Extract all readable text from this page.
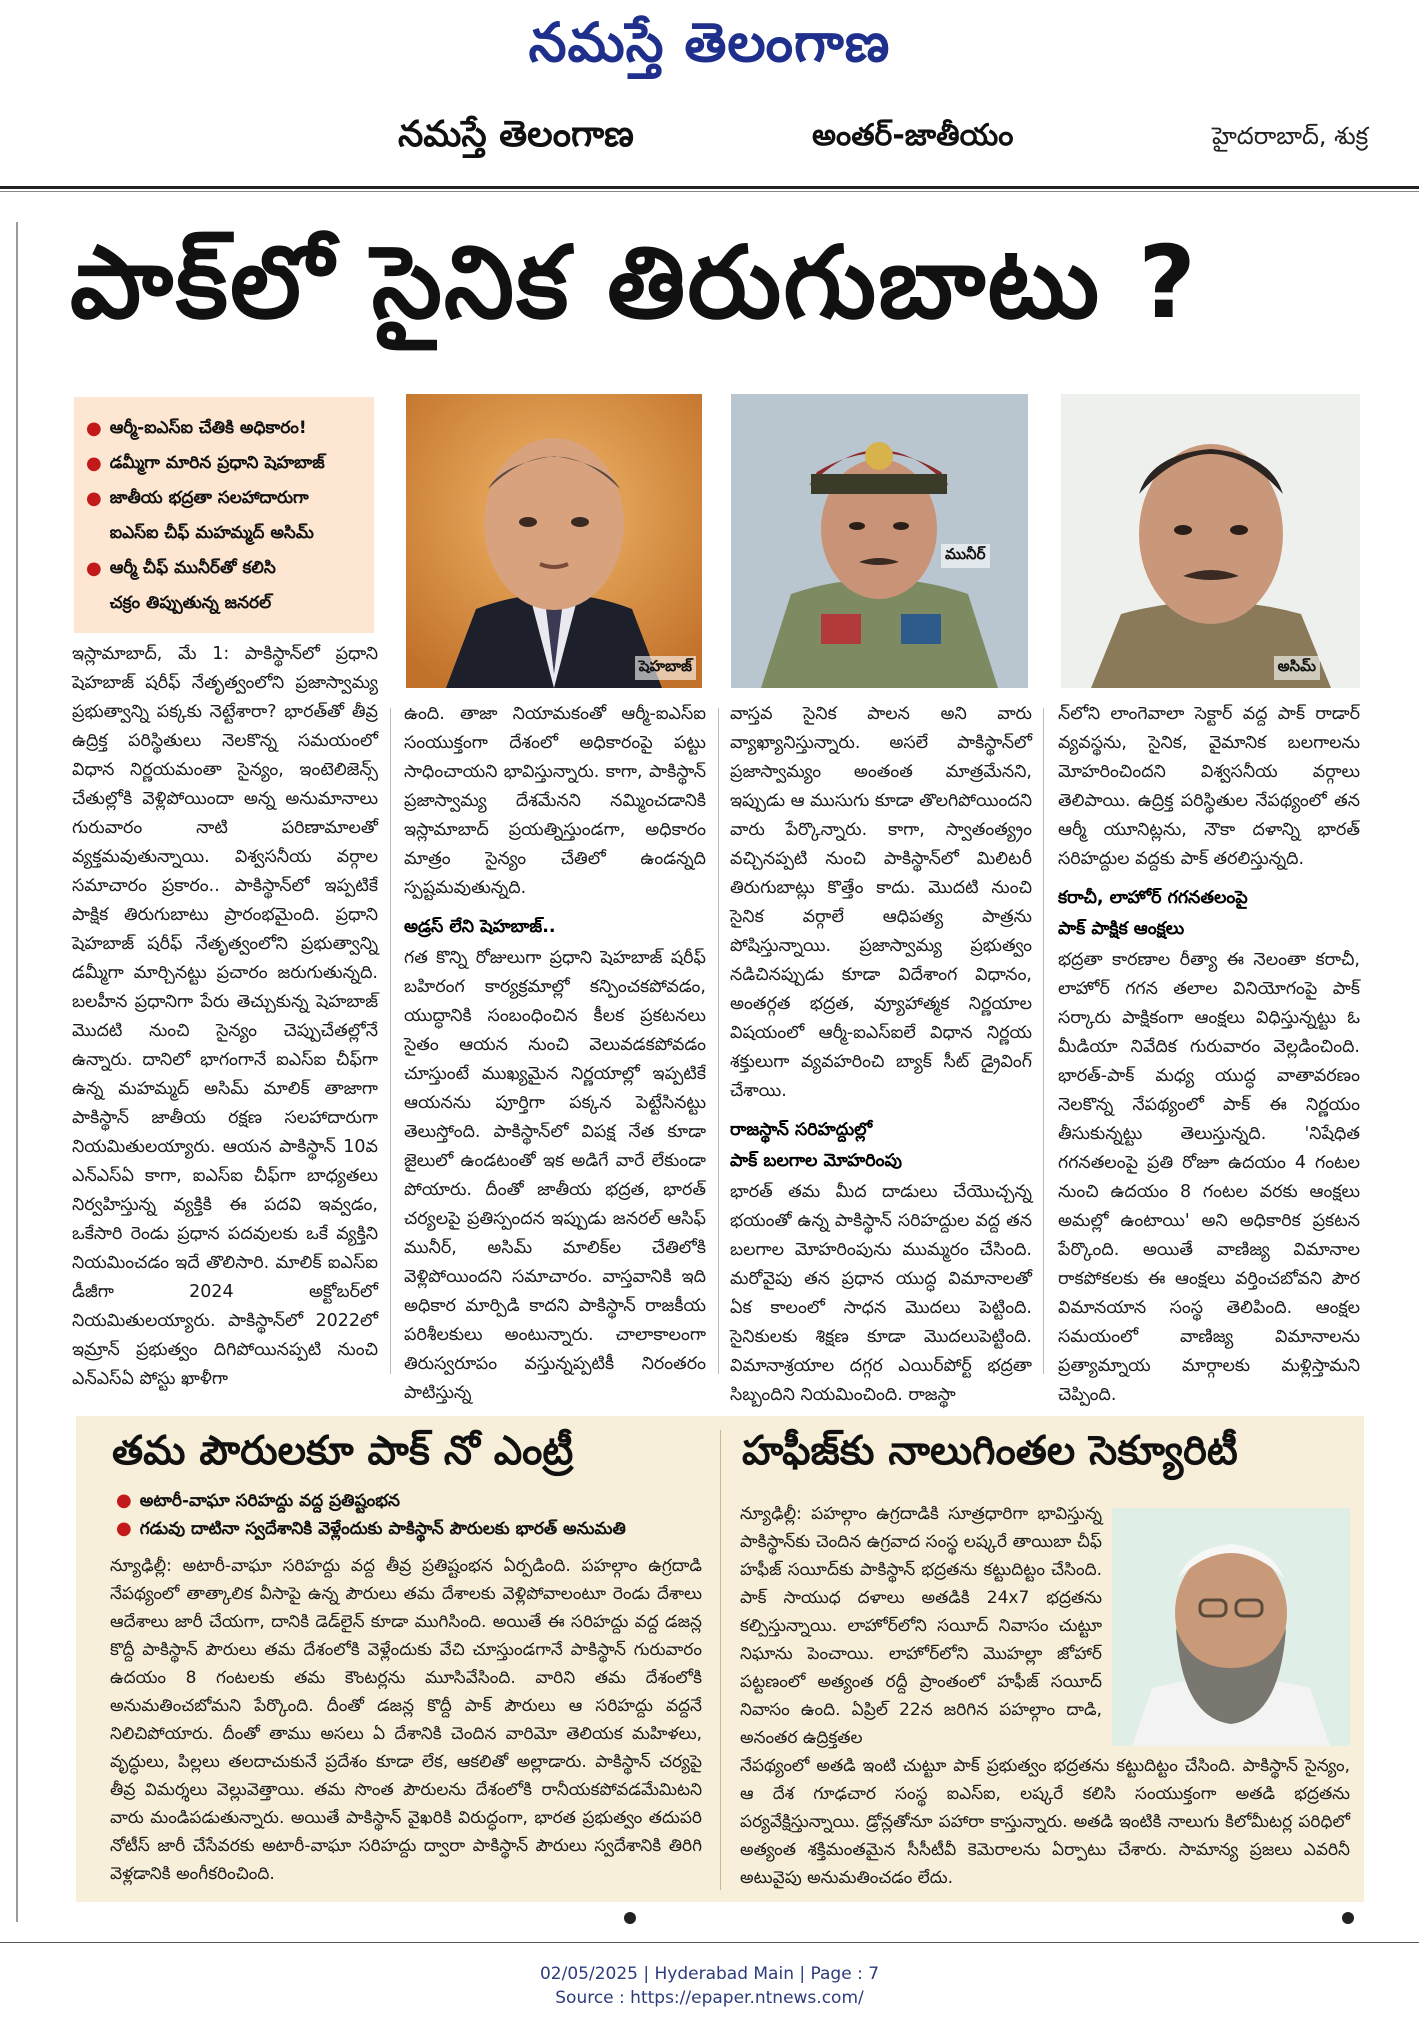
నమస్తే తెలంగాణ
నమస్తే తెలంగాణ	అంతర్-జాతీయం	హైదరాబాద్, శుక్ర
పాక్‌లో సైనిక తిరుగుబాటు ?
● ఆర్మీ-ఐఎస్ఐ చేతికి అధికారం!
● డమ్మీగా మారిన ప్రధాని షెహబాజ్
● జాతీయ భద్రతా సలహాదారుగా
ఐఎస్ఐ చీఫ్ మహమ్మద్ అసిమ్
● ఆర్మీ చీఫ్ మునీర్‌తో కలిసి
చక్రం తిప్పుతున్న జనరల్
షెహబాజ్
మునీర్
అసిమ్

ఇస్లామాబాద్, మే 1: పాకిస్థాన్‌లో ప్రధాని షెహబాజ్ షరీఫ్ నేతృత్వంలోని ప్రజాస్వామ్య ప్రభుత్వాన్ని పక్కకు నెట్టేశారా? భారత్‌తో తీవ్ర ఉద్రిక్త పరిస్థితులు నెలకొన్న సమయంలో విధాన నిర్ణయమంతా సైన్యం, ఇంటెలిజెన్స్ చేతుల్లోకి వెళ్లిపోయిందా అన్న అనుమానాలు గురువారం నాటి పరిణామాలతో వ్యక్తమవుతున్నాయి. విశ్వసనీయ వర్గాల సమాచారం ప్రకారం.. పాకిస్థాన్‌లో ఇప్పటికే పాక్షిక తిరుగుబాటు ప్రారంభమైంది. ప్రధాని షెహబాజ్ షరీఫ్ నేతృత్వంలోని ప్రభుత్వాన్ని డమ్మీగా మార్చినట్టు ప్రచారం జరుగుతున్నది. బలహీన ప్రధానిగా పేరు తెచ్చుకున్న షెహబాజ్ మొదటి నుంచి సైన్యం చెప్పుచేతల్లోనే ఉన్నారు. దానిలో భాగంగానే ఐఎస్ఐ చీఫ్‌గా ఉన్న మహమ్మద్ అసిమ్ మాలిక్ తాజాగా పాకిస్థాన్ జాతీయ రక్షణ సలహాదారుగా నియమితులయ్యారు. ఆయన పాకిస్థాన్ 10వ ఎన్ఎస్ఏ కాగా, ఐఎస్ఐ చీఫ్‌గా బాధ్యతలు నిర్వహిస్తున్న వ్యక్తికి ఈ పదవి ఇవ్వడం, ఒకేసారి రెండు ప్రధాన పదవులకు ఒకే వ్యక్తిని నియమించడం ఇదే తొలిసారి. మాలిక్ ఐఎస్ఐ డీజీగా 2024 అక్టోబర్‌లో నియమితులయ్యారు. పాకిస్థాన్‌లో 2022లో ఇమ్రాన్ ప్రభుత్వం దిగిపోయినప్పటి నుంచి ఎన్ఎస్ఏ పోస్టు ఖాళీగా

ఉంది. తాజా నియామకంతో ఆర్మీ-ఐఎస్ఐ సంయుక్తంగా దేశంలో అధికారంపై పట్టు సాధించాయని భావిస్తున్నారు. కాగా, పాకిస్థాన్ ప్రజాస్వామ్య దేశమేనని నమ్మించడానికి ఇస్లామాబాద్ ప్రయత్నిస్తుండగా, అధికారం మాత్రం సైన్యం చేతిలో ఉండన్నది స్పష్టమవుతున్నది.

అడ్రస్ లేని షెహబాజ్..

గత కొన్ని రోజులుగా ప్రధాని షెహబాజ్ షరీఫ్ బహిరంగ కార్యక్రమాల్లో కన్పించకపోవడం, యుద్ధానికి సంబంధించిన కీలక ప్రకటనలు సైతం ఆయన నుంచి వెలువడకపోవడం చూస్తుంటే ముఖ్యమైన నిర్ణయాల్లో ఇప్పటికే ఆయనను పూర్తిగా పక్కన పెట్టేసినట్టు తెలుస్తోంది. పాకిస్థాన్‌లో విపక్ష నేత కూడా జైలులో ఉండటంతో ఇక అడిగే వారే లేకుండా పోయారు. దీంతో జాతీయ భద్రత, భారత్ చర్యలపై ప్రతిస్పందన ఇప్పుడు జనరల్ ఆసిఫ్ మునీర్, అసిమ్ మాలిక్‌ల చేతిలోకి వెళ్లిపోయిందని సమాచారం. వాస్తవానికి ఇది అధికార మార్పిడి కాదని పాకిస్థాన్ రాజకీయ పరిశీలకులు అంటున్నారు. చాలాకాలంగా తిరుస్వరూపం వస్తున్నప్పటికీ నిరంతరం పాటిస్తున్న

వాస్తవ సైనిక పాలన అని వారు వ్యాఖ్యానిస్తున్నారు. అసలే పాకిస్థాన్‌లో ప్రజాస్వామ్యం అంతంత మాత్రమేనని, ఇప్పుడు ఆ ముసుగు కూడా తొలగిపోయిందని వారు పేర్కొన్నారు. కాగా, స్వాతంత్య్రం వచ్చినప్పటి నుంచి పాకిస్థాన్‌లో మిలిటరీ తిరుగుబాట్లు కొత్తేం కాదు. మొదటి నుంచి సైనిక వర్గాలే ఆధిపత్య పాత్రను పోషిస్తున్నాయి. ప్రజాస్వామ్య ప్రభుత్వం నడిచినప్పుడు కూడా విదేశాంగ విధానం, అంతర్గత భద్రత, వ్యూహాత్మక నిర్ణయాల విషయంలో ఆర్మీ-ఐఎస్ఐలే విధాన నిర్ణయ శక్తులుగా వ్యవహరించి బ్యాక్ సీట్ డ్రైవింగ్ చేశాయి.

రాజస్థాన్ సరిహద్దుల్లో
పాక్ బలగాల మోహరింపు

భారత్ తమ మీద దాడులు చేయొచ్చన్న భయంతో ఉన్న పాకిస్థాన్ సరిహద్దుల వద్ద తన బలగాల మోహరింపును ముమ్మరం చేసింది. మరోవైపు తన ప్రధాన యుద్ధ విమానాలతో ఏక కాలంలో సాధన మొదలు పెట్టింది. సైనికులకు శిక్షణ కూడా మొదలుపెట్టింది. విమానాశ్రయాల దగ్గర ఎయిర్‌పోర్ట్ భద్రతా సిబ్బందిని నియమించింది. రాజస్థా

న్‌లోని లాంగెవాలా సెక్టార్ వద్ద పాక్ రాడార్ వ్యవస్థను, సైనిక, వైమానిక బలగాలను మోహరించిందని విశ్వసనీయ వర్గాలు తెలిపాయి. ఉద్రిక్త పరిస్థితుల నేపథ్యంలో తన ఆర్మీ యూనిట్లను, నౌకా దళాన్ని భారత్ సరిహద్దుల వద్దకు పాక్ తరలిస్తున్నది.

కరాచీ, లాహోర్ గగనతలంపై
పాక్ పాక్షిక ఆంక్షలు

భద్రతా కారణాల రీత్యా ఈ నెలంతా కరాచీ, లాహోర్ గగన తలాల వినియోగంపై పాక్ సర్కారు పాక్షికంగా ఆంక్షలు విధిస్తున్నట్టు ఓ మీడియా నివేదిక గురువారం వెల్లడించింది. భారత్-పాక్ మధ్య యుద్ధ వాతావరణం నెలకొన్న నేపథ్యంలో పాక్ ఈ నిర్ణయం తీసుకున్నట్టు తెలుస్తున్నది. 'నిషేధిత గగనతలంపై ప్రతి రోజూ ఉదయం 4 గంటల నుంచి ఉదయం 8 గంటల వరకు ఆంక్షలు అమల్లో ఉంటాయి' అని అధికారిక ప్రకటన పేర్కొంది. అయితే వాణిజ్య విమానాల రాకపోకలకు ఈ ఆంక్షలు వర్తించబోవని పౌర విమానయాన సంస్థ తెలిపింది. ఆంక్షల సమయంలో వాణిజ్య విమానాలను ప్రత్యామ్నాయ మార్గాలకు మళ్లిస్తామని చెప్పింది.

తమ పౌరులకూ పాక్ నో ఎంట్రీ
● అటారీ-వాఘా సరిహద్దు వద్ద ప్రతిష్టంభన
● గడువు దాటినా స్వదేశానికి వెళ్లేందుకు పాకిస్థాన్ పౌరులకు భారత్ అనుమతి
న్యూఢిల్లీ: అటారీ-వాఘా సరిహద్దు వద్ద తీవ్ర ప్రతిష్టంభన ఏర్పడింది. పహల్గాం ఉగ్రదాడి నేపథ్యంలో తాత్కాలిక వీసాపై ఉన్న పౌరులు తమ దేశాలకు వెళ్లిపోవాలంటూ రెండు దేశాలు ఆదేశాలు జారీ చేయగా, దానికి డెడ్‌లైన్ కూడా ముగిసింది. అయితే ఈ సరిహద్దు వద్ద డజన్ల కొద్దీ పాకిస్థాన్ పౌరులు తమ దేశంలోకి వెళ్లేందుకు వేచి చూస్తుండగానే పాకిస్థాన్ గురువారం ఉదయం 8 గంటలకు తమ కౌంటర్లను మూసివేసింది. వారిని తమ దేశంలోకి అనుమతించబోమని పేర్కొంది. దీంతో డజన్ల కొద్దీ పాక్ పౌరులు ఆ సరిహద్దు వద్దనే నిలిచిపోయారు. దీంతో తాము అసలు ఏ దేశానికి చెందిన వారిమో తెలియక మహిళలు, వృద్ధులు, పిల్లలు తలదాచుకునే ప్రదేశం కూడా లేక, ఆకలితో అల్లాడారు. పాకిస్థాన్ చర్యపై తీవ్ర విమర్శలు వెల్లువెత్తాయి. తమ సొంత పౌరులను దేశంలోకి రానీయకపోవడమేమిటని వారు మండిపడుతున్నారు. అయితే పాకిస్థాన్ వైఖరికి విరుద్ధంగా, భారత ప్రభుత్వం తదుపరి నోటీస్ జారీ చేసేవరకు అటారీ-వాఘా సరిహద్దు ద్వారా పాకిస్థాన్ పౌరులు స్వదేశానికి తిరిగి వెళ్లడానికి అంగీకరించింది.
హఫీజ్‌కు నాలుగింతల సెక్యూరిటీ
న్యూఢిల్లీ: పహల్గాం ఉగ్రదాడికి సూత్రధారిగా భావిస్తున్న పాకిస్థాన్‌కు చెందిన ఉగ్రవాద సంస్థ లష్కరే తాయిబా చీఫ్ హఫీజ్ సయీద్‌కు పాకిస్థాన్ భద్రతను కట్టుదిట్టం చేసింది. పాక్ సాయుధ దళాలు అతడికి 24x7 భద్రతను కల్పిస్తున్నాయి. లాహోర్‌లోని సయీద్ నివాసం చుట్టూ నిఘాను పెంచాయి. లాహోర్‌లోని మొహల్లా జోహార్ పట్టణంలో అత్యంత రద్దీ ప్రాంతంలో హఫీజ్ సయీద్ నివాసం ఉంది. ఏప్రిల్ 22న జరిగిన పహల్గాం దాడి, అనంతర ఉద్రిక్తతల
నేపథ్యంలో అతడి ఇంటి చుట్టూ పాక్ ప్రభుత్వం భద్రతను కట్టుదిట్టం చేసింది. పాకిస్థాన్ సైన్యం, ఆ దేశ గూఢచార సంస్థ ఐఎస్ఐ, లష్కరే కలిసి సంయుక్తంగా అతడి భద్రతను పర్యవేక్షిస్తున్నాయి. డ్రోన్లతోనూ పహారా కాస్తున్నారు. అతడి ఇంటికి నాలుగు కిలోమీటర్ల పరిధిలో అత్యంత శక్తిమంతమైన సీసీటీవీ కెమెరాలను ఏర్పాటు చేశారు. సామాన్య ప్రజలు ఎవరినీ అటువైపు అనుమతించడం లేదు.
02/05/2025 | Hyderabad Main | Page : 7
Source : https://epaper.ntnews.com/
